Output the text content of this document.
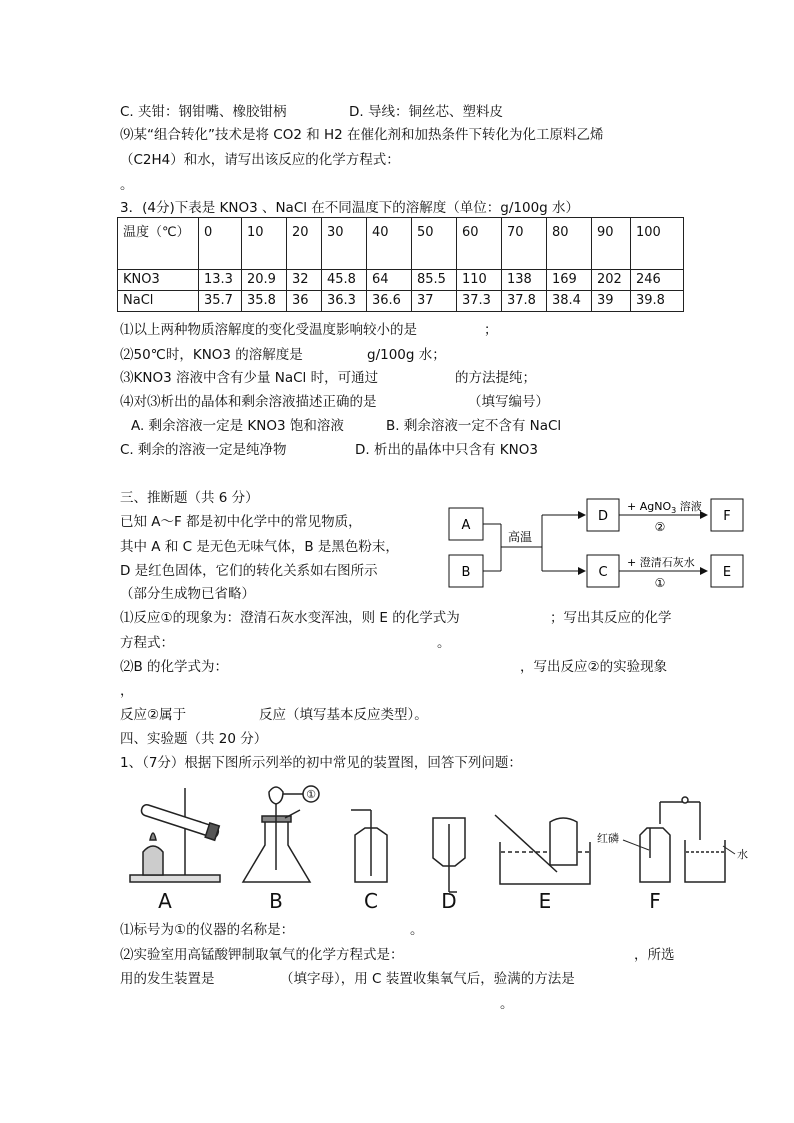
C. 夹钳：钢钳嘴、橡胶钳柄	D. 导线：铜丝芯、塑料皮
⑼某“组合转化”技术是将 CO2 和 H2 在催化剂和加热条件下转化为化工原料乙烯
（C2H4）和水，请写出该反应的化学方程式：
。
3．(4分)下表是 KNO3 、NaCl 在不同温度下的溶解度（单位：g/100g 水）
温度（℃）	0	10	20	30	40	50	60	70	80	90	100
KNO3	13.3	20.9	32	45.8	64	85.5	110	138	169	202	246
NaCl	35.7	35.8	36	36.3	36.6	37	37.3	37.8	38.4	39	39.8
⑴以上两种物质溶解度的变化受温度影响较小的是	；
⑵50℃时，KNO3 的溶解度是	g/100g 水；
⑶KNO3 溶液中含有少量 NaCl 时，可通过	的方法提纯；
⑷对⑶析出的晶体和剩余溶液描述正确的是	（填写编号）
A. 剩余溶液一定是 KNO3 饱和溶液	B. 剩余溶液一定不含有 NaCl
C. 剩余的溶液一定是纯净物	D. 析出的晶体中只含有 KNO3
三、推断题（共 6 分）
已知 A～F 都是初中化学中的常见物质，
其中 A 和 C 是无色无味气体，B 是黑色粉末，
D 是红色固体，它们的转化关系如右图所示
（部分生成物已省略）
A
B
高温
D
C
+ AgNO$_3$ 溶液
②
F
+ 澄清石灰水
①
E
⑴反应①的现象为：澄清石灰水变浑浊，则 E 的化学式为	；写出其反应的化学
方程式：	。
⑵B 的化学式为：	，写出反应②的实验现象
，
反应②属于	反应（填写基本反应类型）。
四、实验题（共 20 分）
1、（7分）根据下图所示列举的初中常见的装置图，回答下列问题：
A	B	C	D	E	F
①
红磷
水
⑴标号为①的仪器的名称是：	。
⑵实验室用高锰酸钾制取氧气的化学方程式是：	，所选
用的发生装置是	（填字母），用 C 装置收集氧气后，验满的方法是
。
